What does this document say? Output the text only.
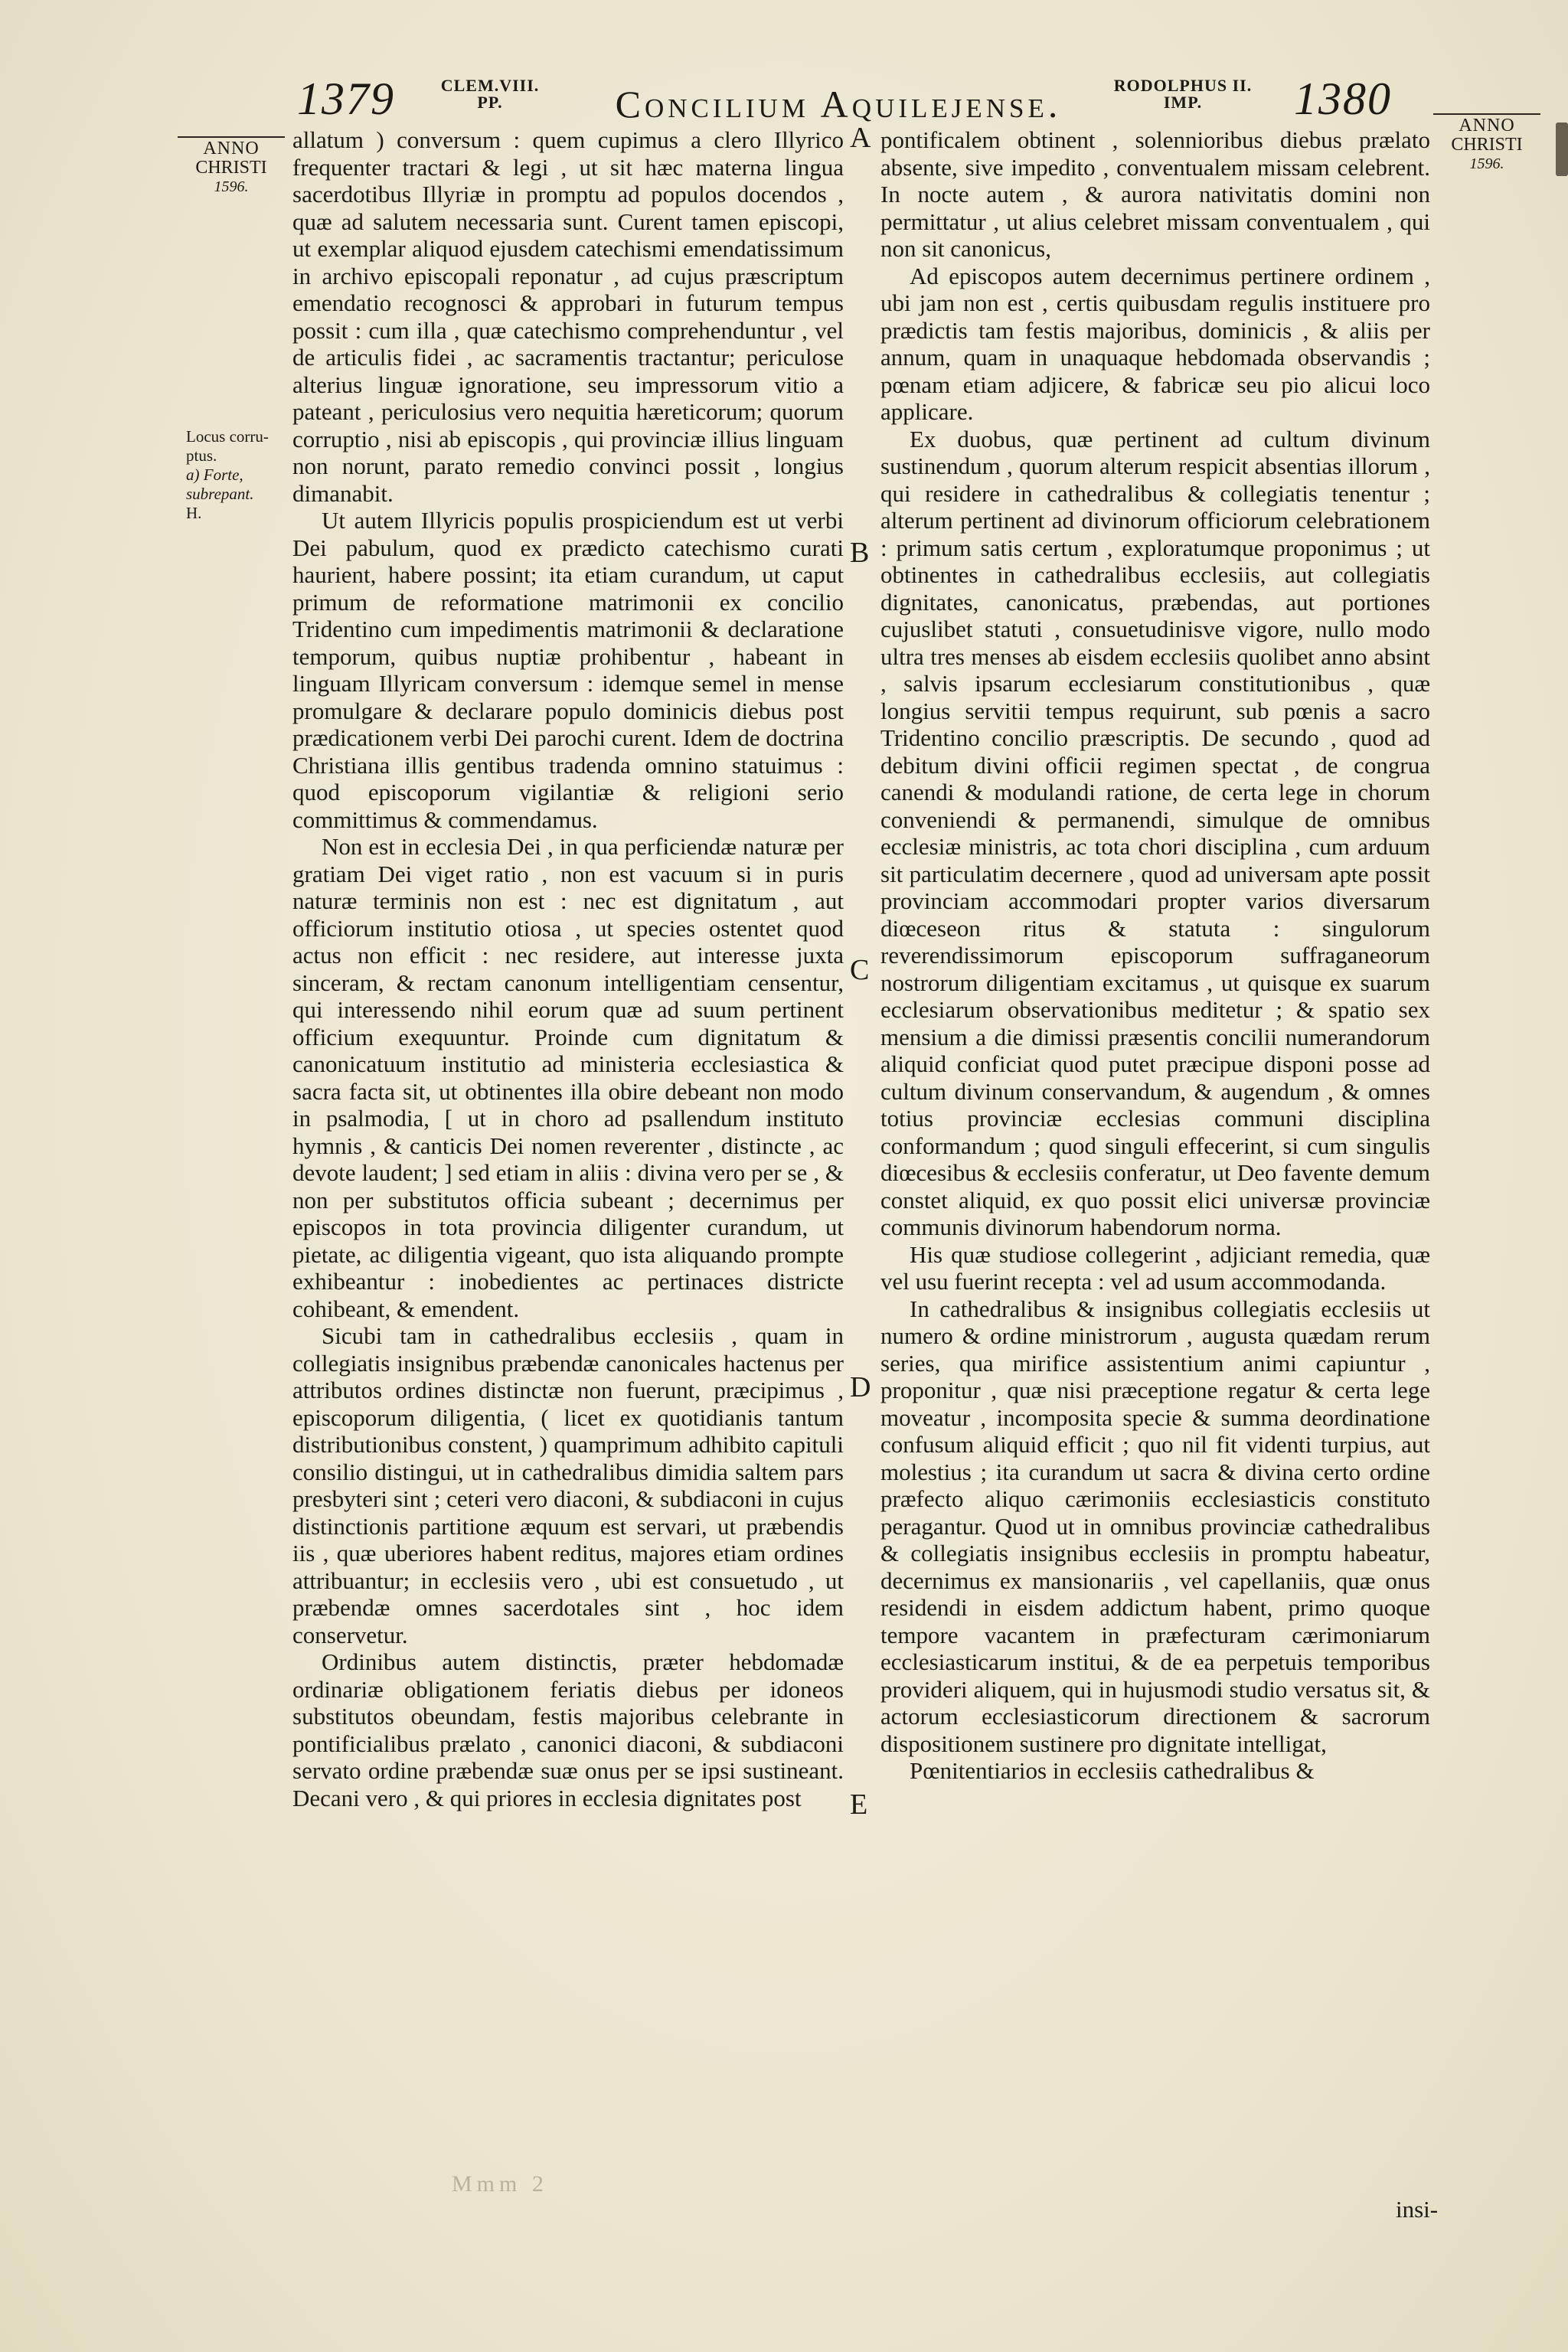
1379	CLEM.VIII.
PP.	Concilium Aquilejense.	RODOLPHUS II.
IMP.	1380
ANNO
CHRISTI
1596.
ANNO
CHRISTI
1596.
Locus corru-
ptus.
a) Forte,
subrepant.
H.

allatum ) conversum : quem cupimus a clero Illyrico frequenter tractari & legi , ut sit hæc materna lingua sacerdotibus Illyriæ in promptu ad populos docendos , quæ ad salutem necessaria sunt. Curent tamen episcopi, ut exemplar aliquod ejusdem catechismi emendatissimum in archivo episcopali reponatur , ad cujus præscriptum emendatio recognosci & approbari in futurum tempus possit : cum illa , quæ catechismo comprehenduntur , vel de articulis fidei , ac sacramentis tractantur; periculose alterius linguæ ignoratione, seu impressorum vitio a pateant , periculosius vero nequitia hæreticorum; quorum corruptio , nisi ab episcopis , qui provinciæ illius linguam non norunt, parato remedio convinci possit , longius dimanabit.

Ut autem Illyricis populis prospiciendum est ut verbi Dei pabulum, quod ex prædicto catechismo curati haurient, habere possint; ita etiam curandum, ut caput primum de reformatione matrimonii ex concilio Tridentino cum impedimentis matrimonii & declaratione temporum, quibus nuptiæ prohibentur , habeant in linguam Illyricam conversum : idemque semel in mense promulgare & declarare populo dominicis diebus post prædicationem verbi Dei parochi curent. Idem de doctrina Christiana illis gentibus tradenda omnino statuimus : quod episcoporum vigilantiæ & religioni serio committimus & commendamus.

Non est in ecclesia Dei , in qua perficiendæ naturæ per gratiam Dei viget ratio , non est vacuum si in puris naturæ terminis non est : nec est dignitatum , aut officiorum institutio otiosa , ut species ostentet quod actus non efficit : nec residere, aut interesse juxta sinceram, & rectam canonum intelligentiam censentur, qui interessendo nihil eorum quæ ad suum pertinent officium exequuntur. Proinde cum dignitatum & canonicatuum institutio ad ministeria ecclesiastica & sacra facta sit, ut obtinentes illa obire debeant non modo in psalmodia, [ ut in choro ad psallendum instituto hymnis , & canticis Dei nomen reverenter , distincte , ac devote laudent; ] sed etiam in aliis : divina vero per se , & non per substitutos officia subeant ; decernimus per episcopos in tota provincia diligenter curandum, ut pietate, ac diligentia vigeant, quo ista aliquando prompte exhibeantur : inobedientes ac pertinaces districte cohibeant, & emendent.

Sicubi tam in cathedralibus ecclesiis , quam in collegiatis insignibus præbendæ canonicales hactenus per attributos ordines distinctæ non fuerunt, præcipimus , episcoporum diligentia, ( licet ex quotidianis tantum distributionibus constent, ) quamprimum adhibito capituli consilio distingui, ut in cathedralibus dimidia saltem pars presbyteri sint ; ceteri vero diaconi, & subdiaconi in cujus distinctionis partitione æquum est servari, ut præbendis iis , quæ uberiores habent reditus, majores etiam ordines attribuantur; in ecclesiis vero , ubi est consuetudo , ut præbendæ omnes sacerdotales sint , hoc idem conservetur.

Ordinibus autem distinctis, præter hebdomadæ ordinariæ obligationem feriatis diebus per idoneos substitutos obeundam, festis majoribus celebrante in pontificialibus prælato , canonici diaconi, & subdiaconi servato ordine præbendæ suæ onus per se ipsi sustineant. Decani vero , & qui priores in ecclesia dignitates post

pontificalem obtinent , solennioribus diebus prælato absente, sive impedito , conventualem missam celebrent. In nocte autem , & aurora nativitatis domini non permittatur , ut alius celebret missam conventualem , qui non sit canonicus,

Ad episcopos autem decernimus pertinere ordinem , ubi jam non est , certis quibusdam regulis instituere pro prædictis tam festis majoribus, dominicis , & aliis per annum, quam in unaquaque hebdomada observandis ; pœnam etiam adjicere, & fabricæ seu pio alicui loco applicare.

Ex duobus, quæ pertinent ad cultum divinum sustinendum , quorum alterum respicit absentias illorum , qui residere in cathedralibus & collegiatis tenentur ; alterum pertinent ad divinorum officiorum celebrationem : primum satis certum , exploratumque proponimus ; ut obtinentes in cathedralibus ecclesiis, aut collegiatis dignitates, canonicatus, præbendas, aut portiones cujuslibet statuti , consuetudinisve vigore, nullo modo ultra tres menses ab eisdem ecclesiis quolibet anno absint , salvis ipsarum ecclesiarum constitutionibus , quæ longius servitii tempus requirunt, sub pœnis a sacro Tridentino concilio præscriptis. De secundo , quod ad debitum divini officii regimen spectat , de congrua canendi & modulandi ratione, de certa lege in chorum conveniendi & permanendi, simulque de omnibus ecclesiæ ministris, ac tota chori disciplina , cum arduum sit particulatim decernere , quod ad universam apte possit provinciam accommodari propter varios diversarum diœceseon ritus & statuta : singulorum reverendissimorum episcoporum suffraganeorum nostrorum diligentiam excitamus , ut quisque ex suarum ecclesiarum observationibus meditetur ; & spatio sex mensium a die dimissi præsentis concilii numerandorum aliquid conficiat quod putet præcipue disponi posse ad cultum divinum conservandum, & augendum , & omnes totius provinciæ ecclesias communi disciplina conformandum ; quod singuli effecerint, si cum singulis diœcesibus & ecclesiis conferatur, ut Deo favente demum constet aliquid, ex quo possit elici universæ provinciæ communis divinorum habendorum norma.

His quæ studiose collegerint , adjiciant remedia, quæ vel usu fuerint recepta : vel ad usum accommodanda.

In cathedralibus & insignibus collegiatis ecclesiis ut numero & ordine ministrorum , augusta quædam rerum series, qua mirifice assistentium animi capiuntur , proponitur , quæ nisi præceptione regatur & certa lege moveatur , incomposita specie & summa deordinatione confusum aliquid efficit ; quo nil fit videnti turpius, aut molestius ; ita curandum ut sacra & divina certo ordine præfecto aliquo cærimoniis ecclesiasticis constituto peragantur. Quod ut in omnibus provinciæ cathedralibus & collegiatis insignibus ecclesiis in promptu habeatur, decernimus ex mansionariis , vel capellaniis, quæ onus residendi in eisdem addictum habent, primo quoque tempore vacantem in præfecturam cærimoniarum ecclesiasticarum institui, & de ea perpetuis temporibus provideri aliquem, qui in hujusmodi studio versatus sit, & actorum ecclesiasticorum directionem & sacrorum dispositionem sustinere pro dignitate intelligat,

Pœnitentiarios in ecclesiis cathedralibus &

A
B
C
D
E
Mmm 2
insi-
